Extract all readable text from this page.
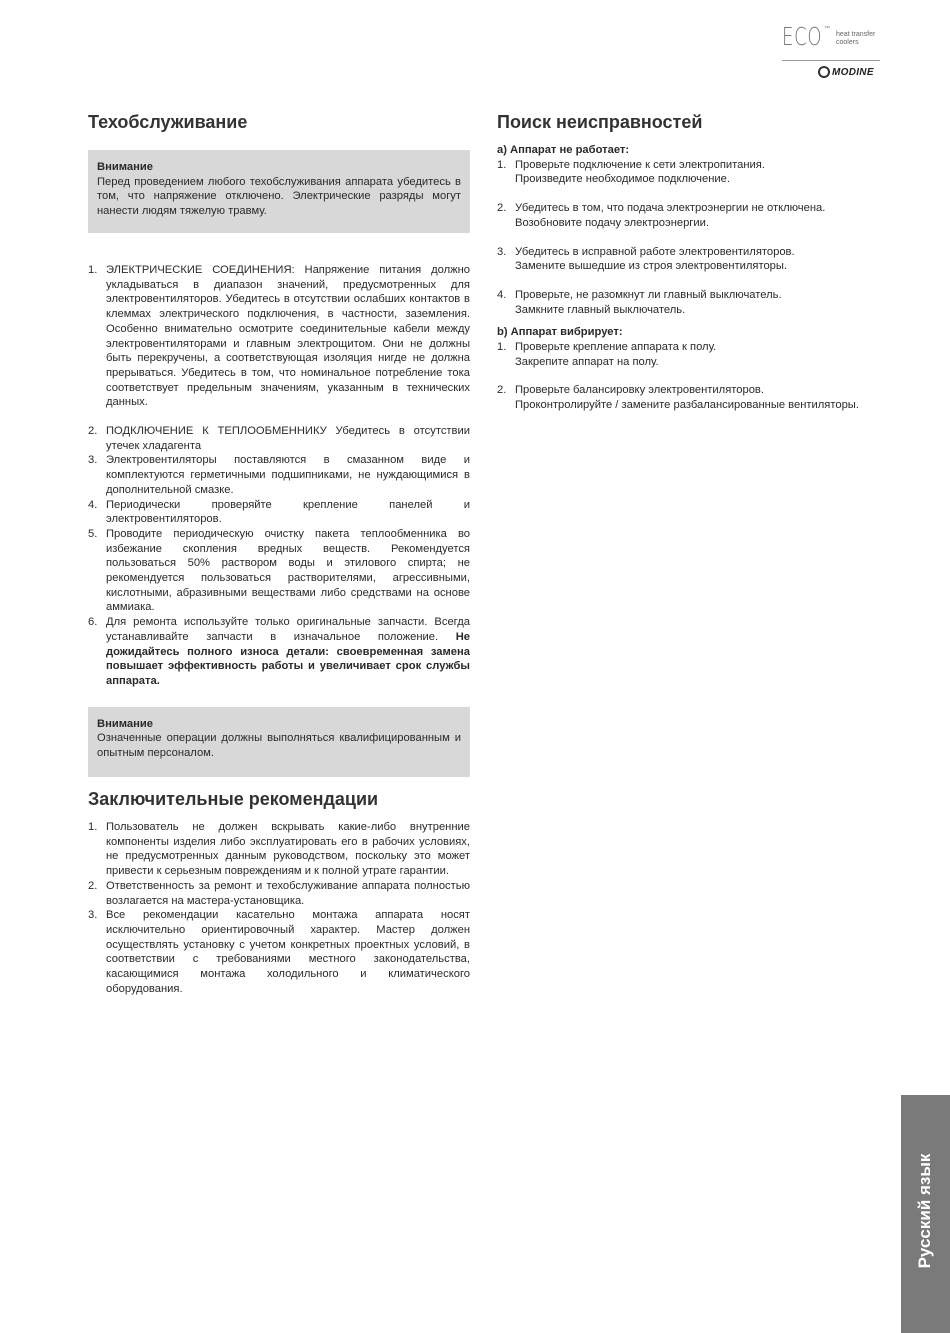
ECO ™
heat transfer
coolers
MODINE
Техобслуживание
Внимание
Перед проведением любого техобслуживания аппарата убедитесь в том, что напряжение отключено. Электрические разряды могут нанести людям тяжелую травму.
1. ЭЛЕКТРИЧЕСКИЕ СОЕДИНЕНИЯ: Напряжение питания должно укладываться в диапазон значений, предусмотренных для электровентиляторов. Убедитесь в отсутствии ослабших контактов в клеммах электрического подключения, в частности, заземления. Особенно внимательно осмотрите соединительные кабели между электровентиляторами и главным электрощитом. Они не должны быть перекручены, а соответствующая изоляция нигде не должна прерываться. Убедитесь в том, что номинальное потребление тока соответствует предельным значениям, указанным в технических данных.
2. ПОДКЛЮЧЕНИЕ К ТЕПЛООБМЕННИКУ Убедитесь в отсутствии утечек хладагента
3. Электровентиляторы поставляются в смазанном виде и комплектуются герметичными подшипниками, не нуждающимися в дополнительной смазке.
4. Периодически проверяйте крепление панелей и электровентиляторов.
5. Проводите периодическую очистку пакета теплообменника во избежание скопления вредных веществ. Рекомендуется пользоваться 50% раствором воды и этилового спирта; не рекомендуется пользоваться растворителями, агрессивными, кислотными, абразивными веществами либо средствами на основе аммиака.
6. Для ремонта используйте только оригинальные запчасти. Всегда устанавливайте запчасти в изначальное положение. Не дожидайтесь полного износа детали: своевременная замена повышает эффективность работы и увеличивает срок службы аппарата.
Внимание
Означенные операции должны выполняться квалифицированным и опытным персоналом.
Заключительные рекомендации
1. Пользователь не должен вскрывать какие-либо внутренние компоненты изделия либо эксплуатировать его в рабочих условиях, не предусмотренных данным руководством, поскольку это может привести к серьезным повреждениям и к полной утрате гарантии.
2. Ответственность за ремонт и техобслуживание аппарата полностью возлагается на мастера-установщика.
3. Все рекомендации касательно монтажа аппарата носят исключительно ориентировочный характер. Мастер должен осуществлять установку с учетом конкретных проектных условий, в соответствии с требованиями местного законодательства, касающимися монтажа холодильного и климатического оборудования.
Поиск неисправностей
a) Аппарат не работает:
1. Проверьте подключение к сети электропитания.
Произведите необходимое подключение.
2. Убедитесь в том, что подача электроэнергии не отключена.
Возобновите подачу электроэнергии.
3. Убедитесь в исправной работе электровентиляторов.
Замените вышедшие из строя электровентиляторы.
4. Проверьте, не разомкнут ли главный выключатель.
Замкните главный выключатель.
b) Аппарат вибрирует:
1. Проверьте крепление аппарата к полу.
Закрепите аппарат на полу.
2. Проверьте балансировку электровентиляторов.
Проконтролируйте / замените разбалансированные вентиляторы.
Русский язык
